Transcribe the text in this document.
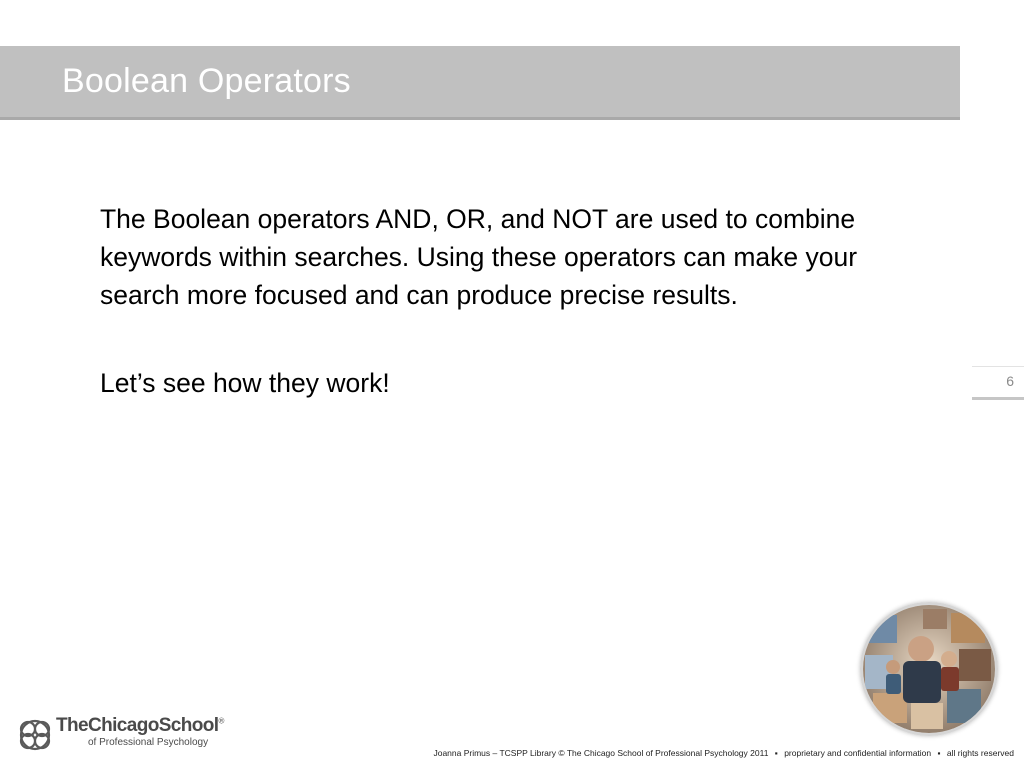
Boolean Operators

The Boolean operators AND, OR, and NOT are used to combine keywords within searches. Using these operators can make your search more focused and can produce precise results.

Let’s see how they work!	6
TheChicagoSchool®
of Professional Psychology
Joanna Primus – TCSPP Library © The Chicago School of Professional Psychology 2011 ▪ proprietary and confidential information ▪ all rights reserved
